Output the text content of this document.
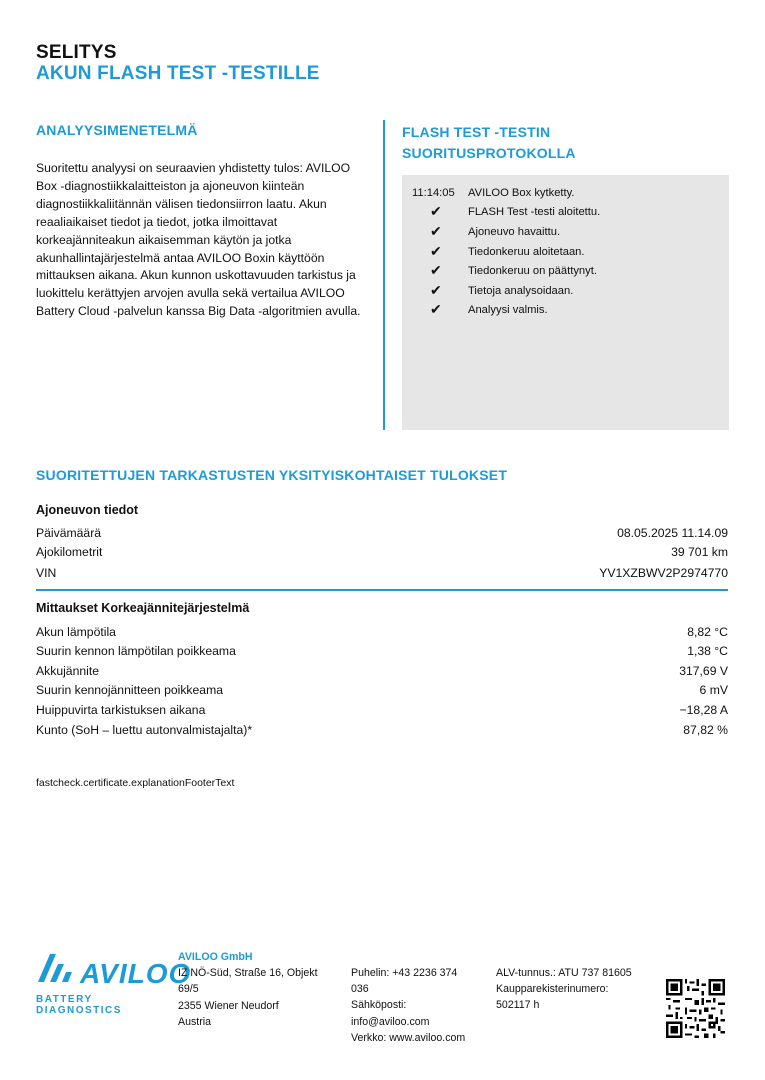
SELITYS
AKUN FLASH TEST -TESTILLE
ANALYYSIMENETELMÄ
Suoritettu analyysi on seuraavien yhdistetty tulos: AVILOO Box -diagnostiikkalaitteiston ja ajoneuvon kiinteän diagnostiikkaliitännän välisen tiedonsiirron laatu. Akun reaaliaikaiset tiedot ja tiedot, jotka ilmoittavat korkeajänniteakun aikaisemman käytön ja jotka akunhallintajärjestelmä antaa AVILOO Boxin käyttöön mittauksen aikana. Akun kunnon uskottavuuden tarkistus ja luokittelu kerättyjen arvojen avulla sekä vertailua AVILOO Battery Cloud -palvelun kanssa Big Data -algoritmien avulla.
FLASH TEST -TESTIN
SUORITUSPROTOKOLLA
11:14:05	AVILOO Box kytketty.
✔ FLASH Test -testi aloitettu.
✔ Ajoneuvo havaittu.
✔ Tiedonkeruu aloitetaan.
✔ Tiedonkeruu on päättynyt.
✔ Tietoja analysoidaan.
✔ Analyysi valmis.
SUORITETTUJEN TARKASTUSTEN YKSITYISKOHTAISET TULOKSET
Ajoneuvon tiedot
Päivämäärä	08.05.2025 11.14.09
Ajokilometrit	39 701 km
VIN	YV1XZBWV2P2974770
Mittaukset Korkeajännitejärjestelmä
Akun lämpötila	8,82 °C
Suurin kennon lämpötilan poikkeama	1,38 °C
Akkujännite	317,69 V
Suurin kennojännitteen poikkeama	6 mV
Huippuvirta tarkistuksen aikana	−18,28 A
Kunto (SoH – luettu autonvalmistajalta)*	87,82 %
fastcheck.certificate.explanationFooterText
AVILOO
BATTERY DIAGNOSTICS
AVILOO GmbH
IZ NÖ-Süd, Straße 16, Objekt
69/5
2355 Wiener Neudorf
Austria
Puhelin: +43 2236 374
036
Sähköposti:
info@aviloo.com
Verkko: www.aviloo.com
ALV-tunnus.: ATU 737 81605
Kaupparekisterinumero:
502117 h
